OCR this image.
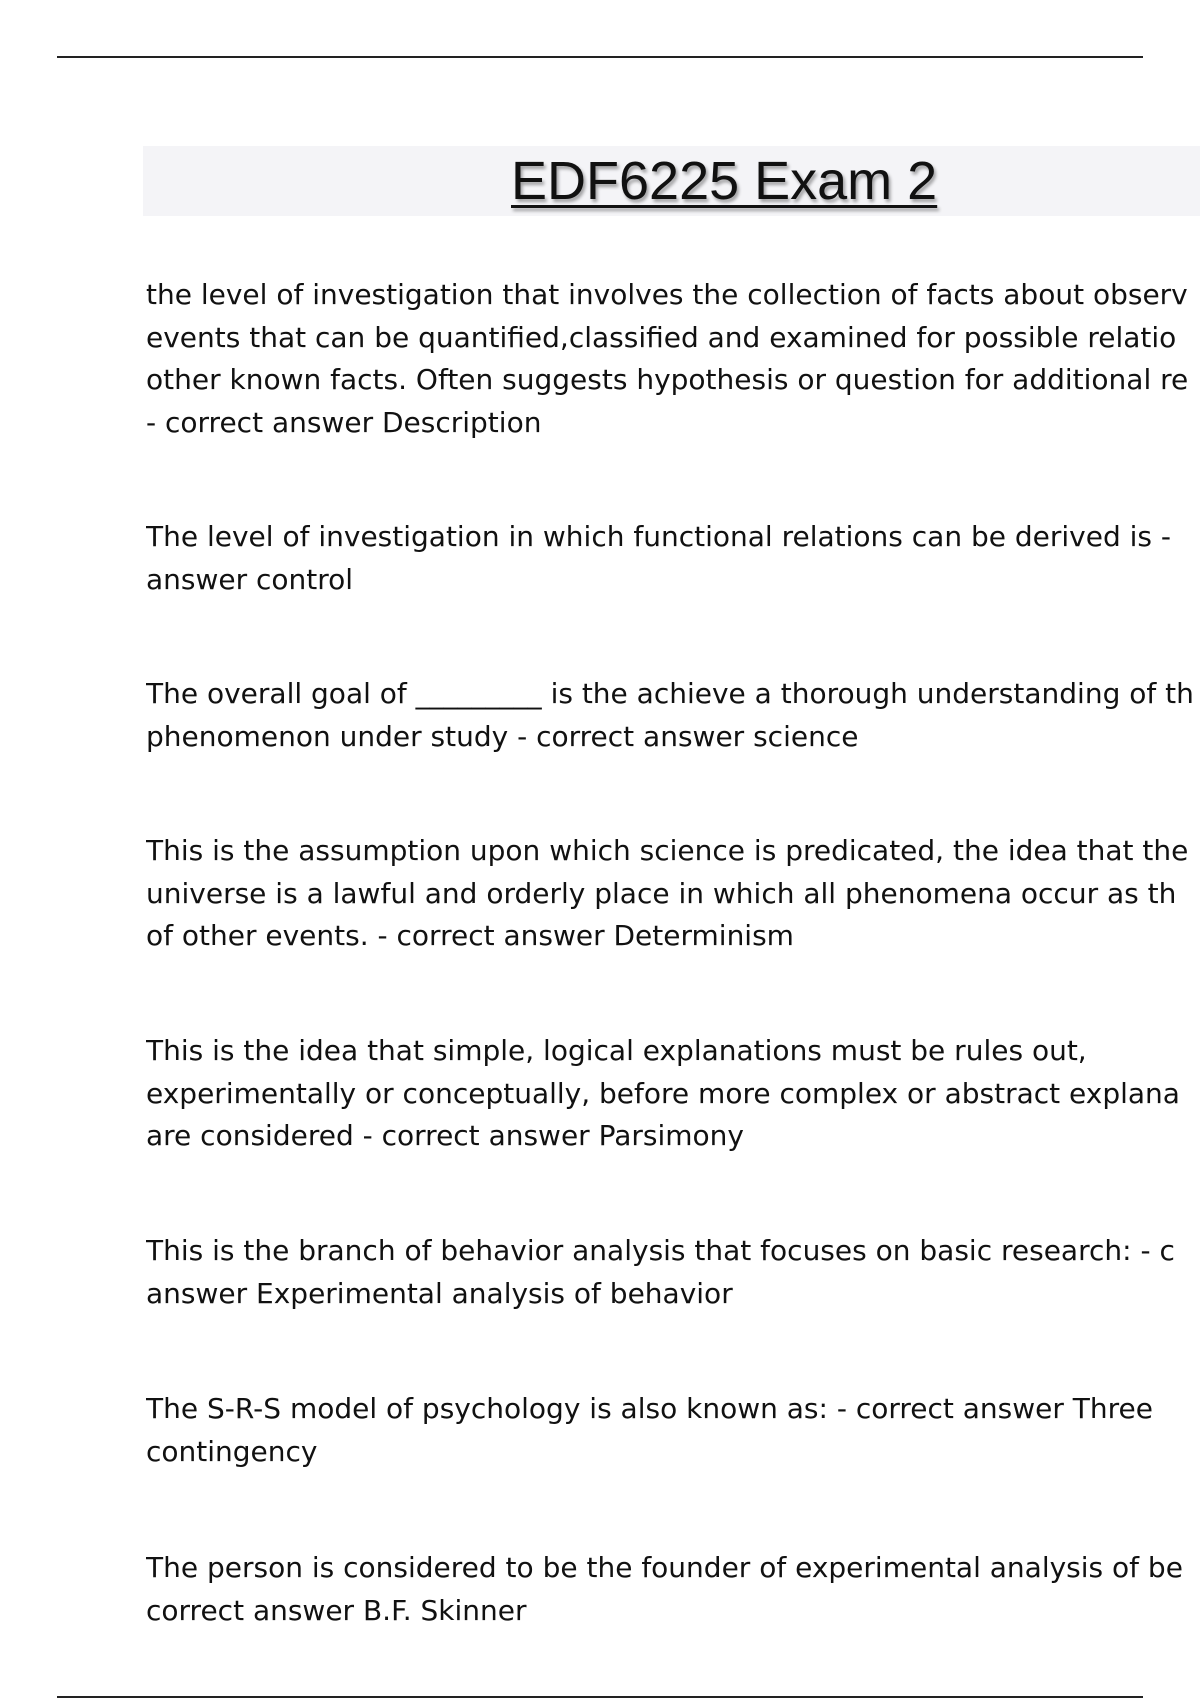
EDF6225 Exam 2
the level of investigation that involves the collection of facts about observ
events that can be quantified,classified and examined for possible relatio
other known facts. Often suggests hypothesis or question for additional re
- correct answer Description
The level of investigation in which functional relations can be derived is -
answer control
The overall goal of _________ is the achieve a thorough understanding of th
phenomenon under study - correct answer science
This is the assumption upon which science is predicated, the idea that the
universe is a lawful and orderly place in which all phenomena occur as th
of other events. - correct answer Determinism
This is the idea that simple, logical explanations must be rules out,
experimentally or conceptually, before more complex or abstract explana
are considered - correct answer Parsimony
This is the branch of behavior analysis that focuses on basic research: - c
answer Experimental analysis of behavior
The S-R-S model of psychology is also known as: - correct answer Three
contingency
The person is considered to be the founder of experimental analysis of be
correct answer B.F. Skinner
